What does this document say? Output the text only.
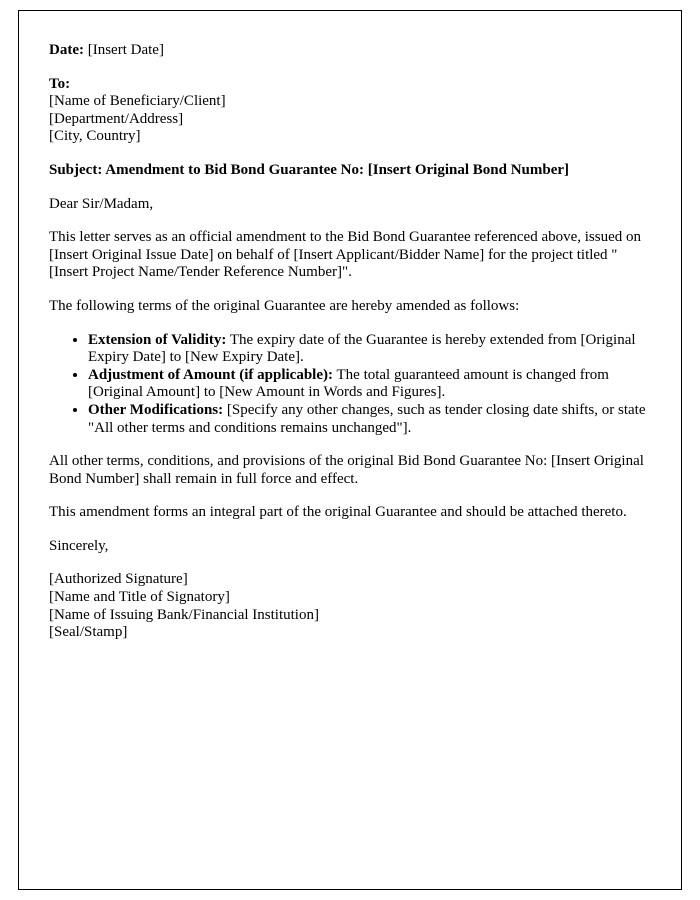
Date: [Insert Date]

To:
[Name of Beneficiary/Client]
[Department/Address]
[City, Country]

Subject: Amendment to Bid Bond Guarantee No: [Insert Original Bond Number]

Dear Sir/Madam,

This letter serves as an official amendment to the Bid Bond Guarantee referenced above, issued on [Insert Original Issue Date] on behalf of [Insert Applicant/Bidder Name] for the project titled "[Insert Project Name/Tender Reference Number]".

The following terms of the original Guarantee are hereby amended as follows:

• Extension of Validity: The expiry date of the Guarantee is hereby extended from [Original Expiry Date] to [New Expiry Date].
• Adjustment of Amount (if applicable): The total guaranteed amount is changed from [Original Amount] to [New Amount in Words and Figures].
• Other Modifications: [Specify any other changes, such as tender closing date shifts, or state "All other terms and conditions remains unchanged"].

All other terms, conditions, and provisions of the original Bid Bond Guarantee No: [Insert Original Bond Number] shall remain in full force and effect.

This amendment forms an integral part of the original Guarantee and should be attached thereto.

Sincerely,

[Authorized Signature]
[Name and Title of Signatory]
[Name of Issuing Bank/Financial Institution]
[Seal/Stamp]
